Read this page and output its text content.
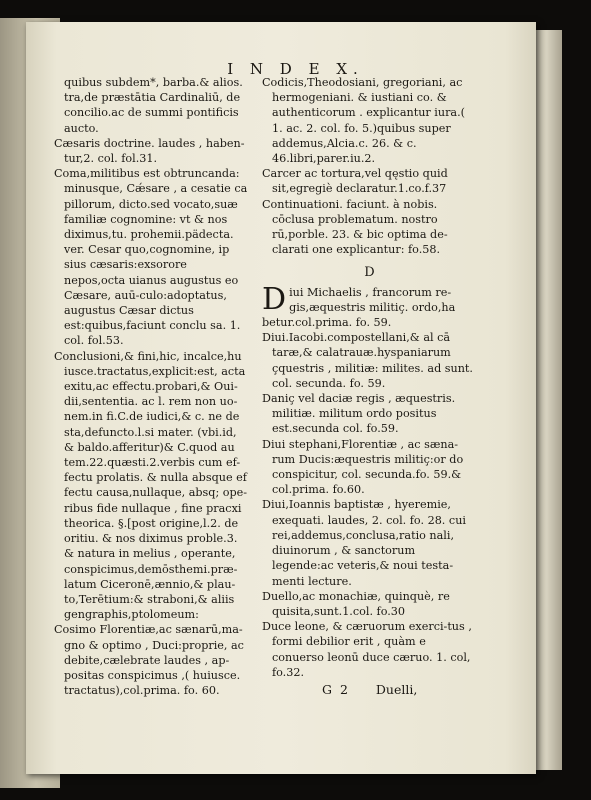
I N D E X.

quibus subdem*, barba.& alios. tra,de præstātia Cardinaliū, de concilio.ac de summi pontificis aucto.

Cæsaris doctrine. laudes , haben-tur,2. col. fol.31.

Coma,militibus est obtruncanda: minusque, Cǽsare , a cesatie ca pillorum, dicto.sed vocato,suæ familiæ cognomine: vt & nos diximus,tu. prohemii.pädecta. ver. Cesar quo,cognomine, ip sius cæsaris:exsorore nepos,octa uianus augustus eo Cæsare, auū-culo:adoptatus, augustus Cæsar dictus est:quibus,faciunt conclu sa. 1. col. fol.53.

Conclusioni,& fini,hic, incalce,hu iusce.tractatus,explicit:est, acta exitu,ac effectu.probari,& Oui-dii,sententia. ac l. rem non uo-nem.in fi.C.de iudici,& c. ne de sta,defuncto.l.si mater. (vbi.id, & baldo.afferitur)& C.quod au tem.22.quæsti.2.verbis cum ef-fectu prolatis. & nulla absque ef fectu causa,nullaque, absq; ope-ribus fide nullaque , fine pracxi theorica. §.[post origine,l.2. de oritiu. & nos diximus proble.3. & natura in melius , operante, conspicimus,demōsthemi.præ-latum Ciceronē,ænnio,& plau-to,Terētium:& straboni,& aliis gengraphis,ptolomeum:

Cosimo Florentiæ,ac sænarū,ma-gno & optimo , Duci:proprie, ac debite,cælebrate laudes , ap-positas conspicimus ,( huiusce. tractatus),col.prima. fo. 60.

Codicis,Theodosiani, gregoriani, ac hermogeniani. & iustiani co. & authenticorum . explicantur iura.( 1. ac. 2. col. fo. 5.)quibus super addemus,Alcia.c. 26. & c. 46.libri,parer.iu.2.

Carcer ac tortura,vel qęstio quid sit,egregiè declaratur.1.co.f.37

Continuationi. faciunt. à nobis. cōclusa problematum. nostro rū,porble. 23. & bic optima de-clarati one explicantur: fo.58.

D

Diui Michaelis , francorum re-gis,æquestris militiç. ordo,ha betur.col.prima. fo. 59.

Diui.Iacobi.compostellani,& al cā taræ,& calatrauæ.hyspaniarum çquestris , militiæ: milites. ad sunt. col. secunda. fo. 59.

Daniç vel daciæ regis , æquestris. militiæ. militum ordo positus est.secunda col. fo.59.

Diui stephani,Florentiæ , ac sæna-rum Ducis:æquestris militiç:or do conspicitur, col. secunda.fo. 59.& col.prima. fo.60.

Diui,Ioannis baptistæ , hyeremie, exequati. laudes, 2. col. fo. 28. cui rei,addemus,conclusa,ratio nali, diuinorum , & sanctorum legende:ac veteris,& noui testa-menti lecture.

Duello,ac monachiæ, quinquè, re quisita,sunt.1.col. fo.30

Duce leone, & cæruorum exerci-tus , formi debilior erit , quàm e conuerso leonū duce cæruo. 1. col, fo.32.

G 2 Duelli,
